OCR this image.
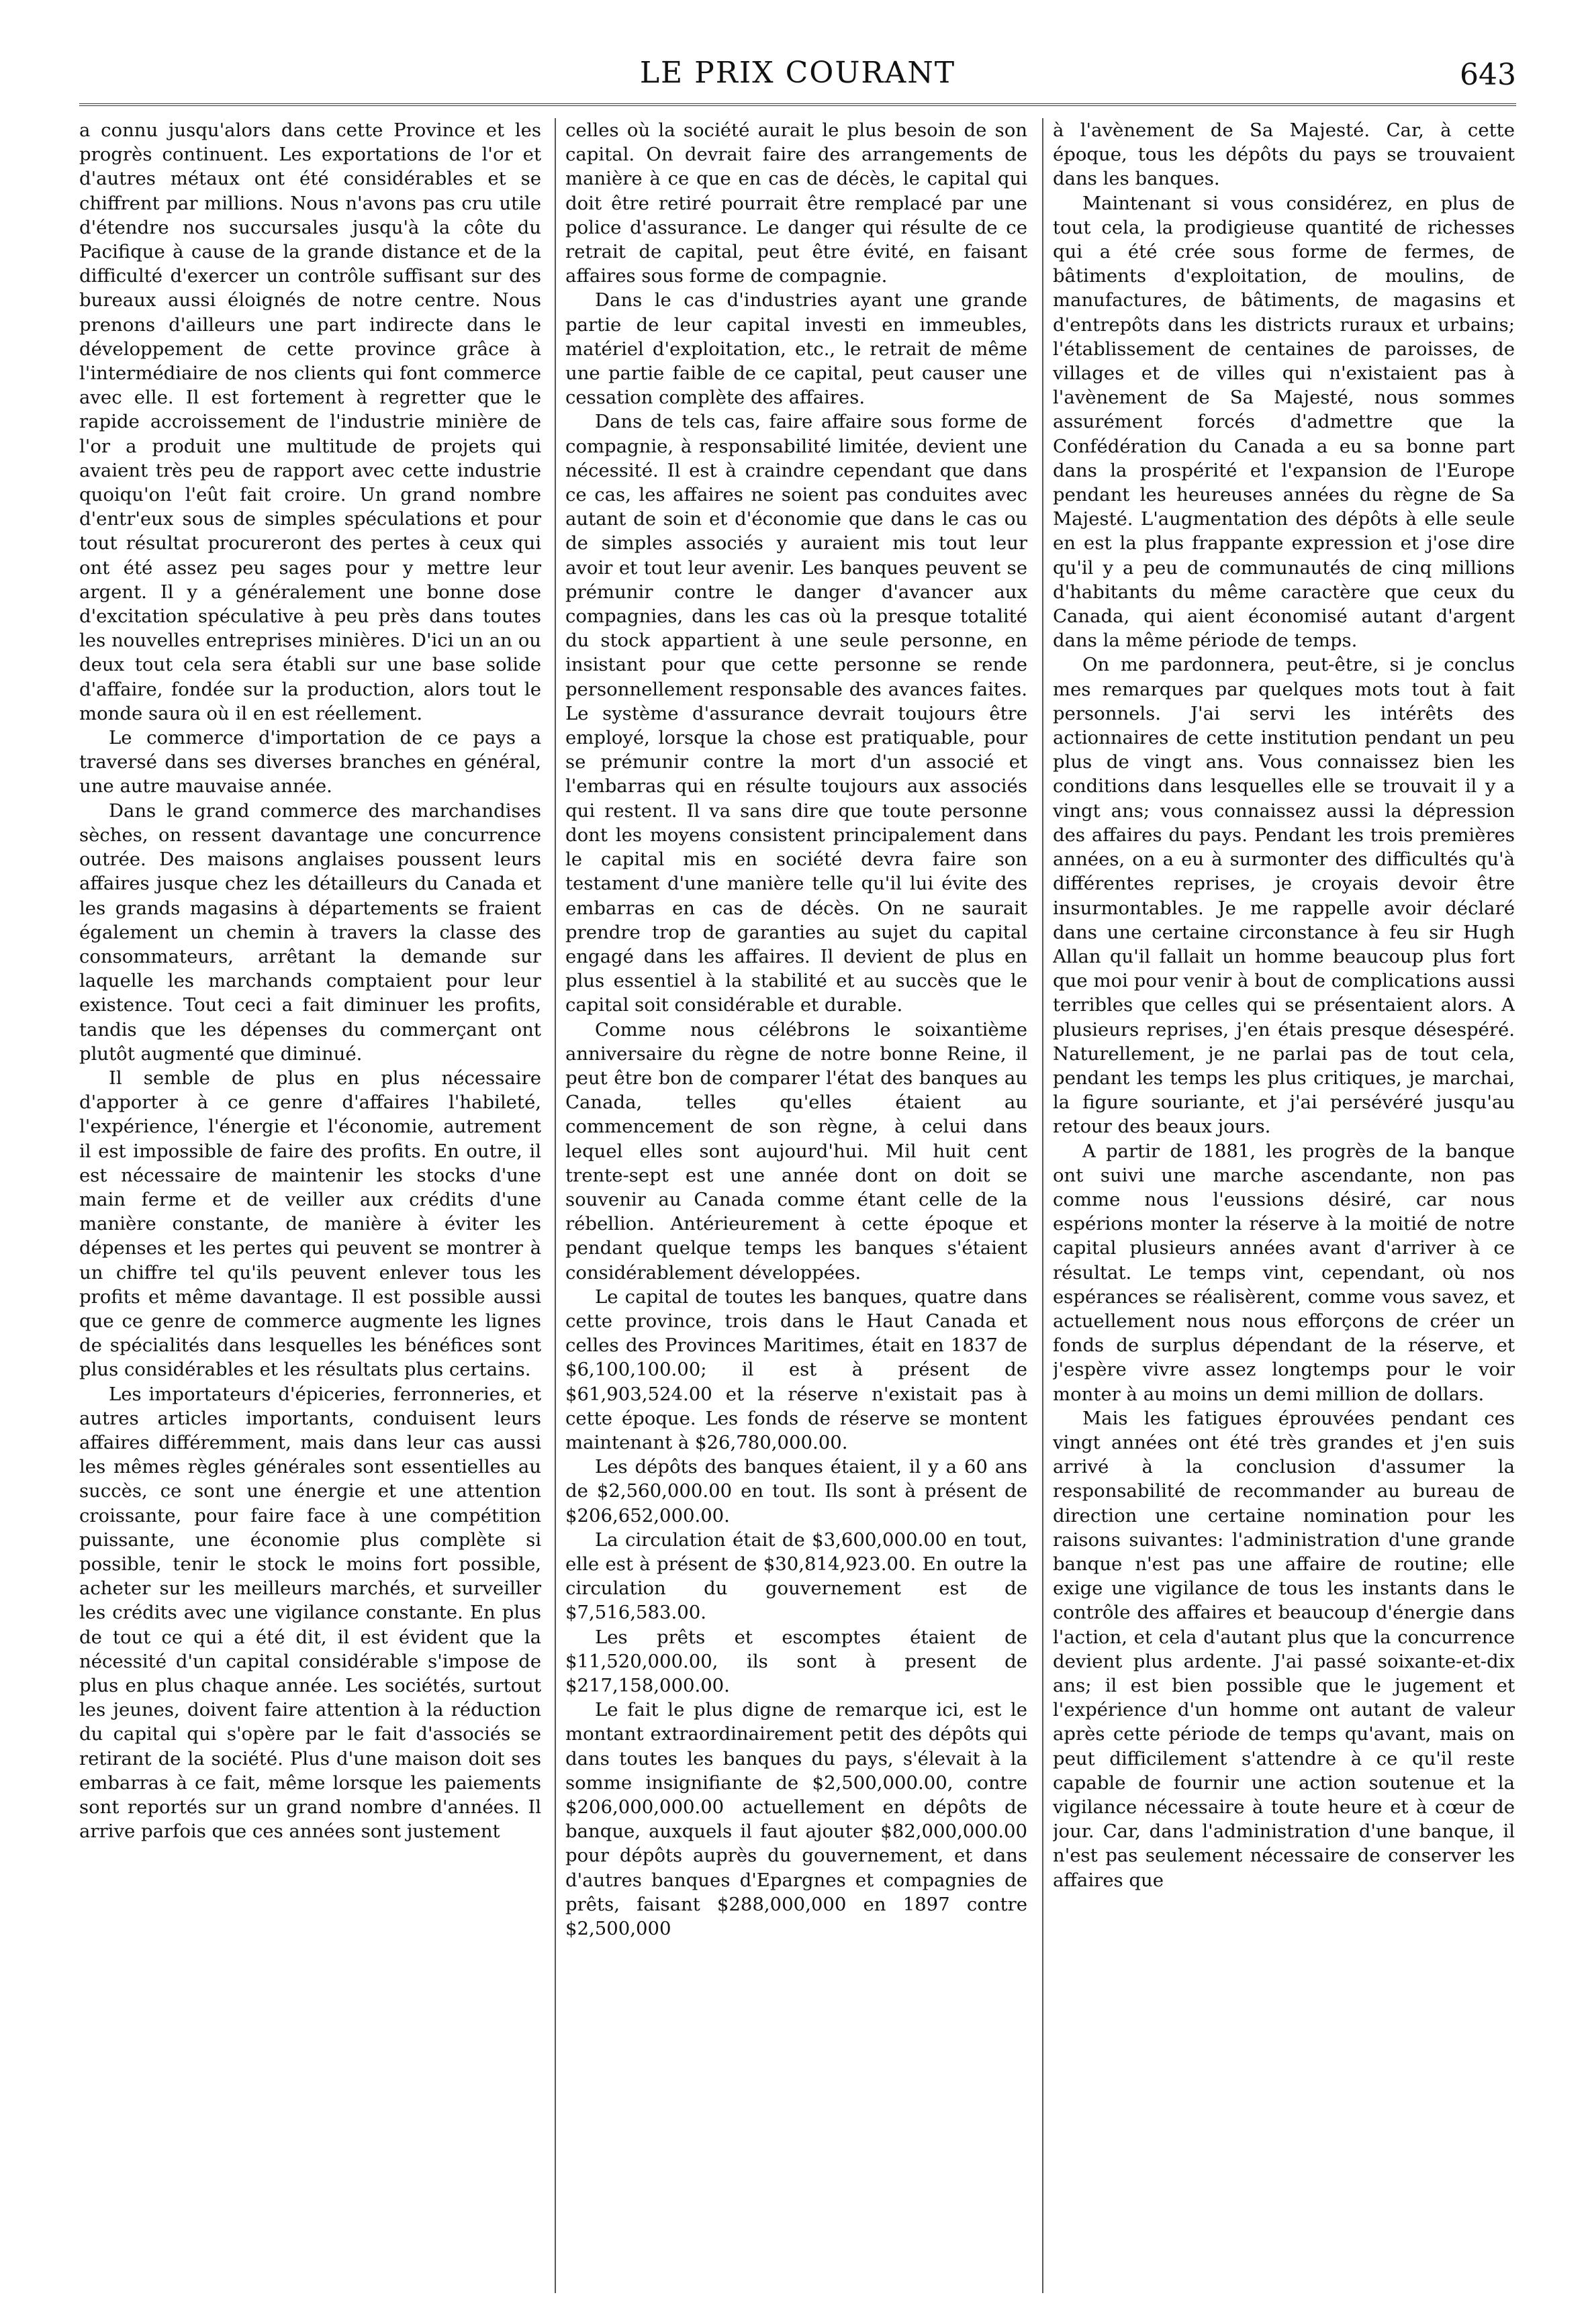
LE PRIX COURANT	643

a connu jusqu'alors dans cette Province et les progrès continuent. Les exportations de l'or et d'autres métaux ont été considérables et se chiffrent par millions. Nous n'avons pas cru utile d'étendre nos succursales jusqu'à la côte du Pacifique à cause de la grande distance et de la difficulté d'exercer un contrôle suffisant sur des bureaux aussi éloignés de notre centre. Nous prenons d'ailleurs une part indirecte dans le développement de cette province grâce à l'intermédiaire de nos clients qui font commerce avec elle. Il est fortement à regretter que le rapide accroissement de l'industrie minière de l'or a produit une multitude de projets qui avaient très peu de rapport avec cette industrie quoiqu'on l'eût fait croire. Un grand nombre d'entr'eux sous de simples spéculations et pour tout résultat procureront des pertes à ceux qui ont été assez peu sages pour y mettre leur argent. Il y a généralement une bonne dose d'excitation spéculative à peu près dans toutes les nouvelles entreprises minières. D'ici un an ou deux tout cela sera établi sur une base solide d'affaire, fondée sur la production, alors tout le monde saura où il en est réellement.

Le commerce d'importation de ce pays a traversé dans ses diverses branches en général, une autre mauvaise année.

Dans le grand commerce des marchandises sèches, on ressent davantage une concurrence outrée. Des maisons anglaises poussent leurs affaires jusque chez les détailleurs du Canada et les grands magasins à départements se fraient également un chemin à travers la classe des consommateurs, arrêtant la demande sur laquelle les marchands comptaient pour leur existence. Tout ceci a fait diminuer les profits, tandis que les dépenses du commerçant ont plutôt augmenté que diminué.

Il semble de plus en plus nécessaire d'apporter à ce genre d'affaires l'habileté, l'expérience, l'énergie et l'économie, autrement il est impossible de faire des profits. En outre, il est nécessaire de maintenir les stocks d'une main ferme et de veiller aux crédits d'une manière constante, de manière à éviter les dépenses et les pertes qui peuvent se montrer à un chiffre tel qu'ils peuvent enlever tous les profits et même davantage. Il est possible aussi que ce genre de commerce augmente les lignes de spécialités dans lesquelles les bénéfices sont plus considérables et les résultats plus certains.

Les importateurs d'épiceries, ferronneries, et autres articles importants, conduisent leurs affaires différemment, mais dans leur cas aussi les mêmes règles générales sont essentielles au succès, ce sont une énergie et une attention croissante, pour faire face à une compétition puissante, une économie plus complète si possible, tenir le stock le moins fort possible, acheter sur les meilleurs marchés, et surveiller les crédits avec une vigilance constante. En plus de tout ce qui a été dit, il est évident que la nécessité d'un capital considérable s'impose de plus en plus chaque année. Les sociétés, surtout les jeunes, doivent faire attention à la réduction du capital qui s'opère par le fait d'associés se retirant de la société. Plus d'une maison doit ses embarras à ce fait, même lorsque les paiements sont reportés sur un grand nombre d'années. Il arrive parfois que ces années sont justement

celles où la société aurait le plus besoin de son capital. On devrait faire des arrangements de manière à ce que en cas de décès, le capital qui doit être retiré pourrait être remplacé par une police d'assurance. Le danger qui résulte de ce retrait de capital, peut être évité, en faisant affaires sous forme de compagnie.

Dans le cas d'industries ayant une grande partie de leur capital investi en immeubles, matériel d'exploitation, etc., le retrait de même une partie faible de ce capital, peut causer une cessation complète des affaires.

Dans de tels cas, faire affaire sous forme de compagnie, à responsabilité limitée, devient une nécessité. Il est à craindre cependant que dans ce cas, les affaires ne soient pas conduites avec autant de soin et d'économie que dans le cas ou de simples associés y auraient mis tout leur avoir et tout leur avenir. Les banques peuvent se prémunir contre le danger d'avancer aux compagnies, dans les cas où la presque totalité du stock appartient à une seule personne, en insistant pour que cette personne se rende personnellement responsable des avances faites. Le système d'assurance devrait toujours être employé, lorsque la chose est pratiquable, pour se prémunir contre la mort d'un associé et l'embarras qui en résulte toujours aux associés qui restent. Il va sans dire que toute personne dont les moyens consistent principalement dans le capital mis en société devra faire son testament d'une manière telle qu'il lui évite des embarras en cas de décès. On ne saurait prendre trop de garanties au sujet du capital engagé dans les affaires. Il devient de plus en plus essentiel à la stabilité et au succès que le capital soit considérable et durable.

Comme nous célébrons le soixantième anniversaire du règne de notre bonne Reine, il peut être bon de comparer l'état des banques au Canada, telles qu'elles étaient au commencement de son règne, à celui dans lequel elles sont aujourd'hui. Mil huit cent trente-sept est une année dont on doit se souvenir au Canada comme étant celle de la rébellion. Antérieurement à cette époque et pendant quelque temps les banques s'étaient considérablement développées.

Le capital de toutes les banques, quatre dans cette province, trois dans le Haut Canada et celles des Provinces Maritimes, était en 1837 de $6,100,100.00; il est à présent de $61,903,524.00 et la réserve n'existait pas à cette époque. Les fonds de réserve se montent maintenant à $26,780,000.00.

Les dépôts des banques étaient, il y a 60 ans de $2,560,000.00 en tout. Ils sont à présent de $206,652,000.00.

La circulation était de $3,600,000.00 en tout, elle est à présent de $30,814,923.00. En outre la circulation du gouvernement est de $7,516,583.00.

Les prêts et escomptes étaient de $11,520,000.00, ils sont à present de $217,158,000.00.

Le fait le plus digne de remarque ici, est le montant extraordinairement petit des dépôts qui dans toutes les banques du pays, s'élevait à la somme insignifiante de $2,500,000.00, contre $206,000,000.00 actuellement en dépôts de banque, auxquels il faut ajouter $82,000,000.00 pour dépôts auprès du gouvernement, et dans d'autres banques d'Epargnes et compagnies de prêts, faisant $288,000,000 en 1897 contre $2,500,000

à l'avènement de Sa Majesté. Car, à cette époque, tous les dépôts du pays se trouvaient dans les banques.

Maintenant si vous considérez, en plus de tout cela, la prodigieuse quantité de richesses qui a été crée sous forme de fermes, de bâtiments d'exploitation, de moulins, de manufactures, de bâtiments, de magasins et d'entrepôts dans les districts ruraux et urbains; l'établissement de centaines de paroisses, de villages et de villes qui n'existaient pas à l'avènement de Sa Majesté, nous sommes assurément forcés d'admettre que la Confédération du Canada a eu sa bonne part dans la prospérité et l'expansion de l'Europe pendant les heureuses années du règne de Sa Majesté. L'augmentation des dépôts à elle seule en est la plus frappante expression et j'ose dire qu'il y a peu de communautés de cinq millions d'habitants du même caractère que ceux du Canada, qui aient économisé autant d'argent dans la même période de temps.

On me pardonnera, peut-être, si je conclus mes remarques par quelques mots tout à fait personnels. J'ai servi les intérêts des actionnaires de cette institution pendant un peu plus de vingt ans. Vous connaissez bien les conditions dans lesquelles elle se trouvait il y a vingt ans; vous connaissez aussi la dépression des affaires du pays. Pendant les trois premières années, on a eu à surmonter des difficultés qu'à différentes reprises, je croyais devoir être insurmontables. Je me rappelle avoir déclaré dans une certaine circonstance à feu sir Hugh Allan qu'il fallait un homme beaucoup plus fort que moi pour venir à bout de complications aussi terribles que celles qui se présentaient alors. A plusieurs reprises, j'en étais presque désespéré. Naturellement, je ne parlai pas de tout cela, pendant les temps les plus critiques, je marchai, la figure souriante, et j'ai persévéré jusqu'au retour des beaux jours.

A partir de 1881, les progrès de la banque ont suivi une marche ascendante, non pas comme nous l'eussions désiré, car nous espérions monter la réserve à la moitié de notre capital plusieurs années avant d'arriver à ce résultat. Le temps vint, cependant, où nos espérances se réalisèrent, comme vous savez, et actuellement nous nous efforçons de créer un fonds de surplus dépendant de la réserve, et j'espère vivre assez longtemps pour le voir monter à au moins un demi million de dollars.

Mais les fatigues éprouvées pendant ces vingt années ont été très grandes et j'en suis arrivé à la conclusion d'assumer la responsabilité de recommander au bureau de direction une certaine nomination pour les raisons suivantes: l'administration d'une grande banque n'est pas une affaire de routine; elle exige une vigilance de tous les instants dans le contrôle des affaires et beaucoup d'énergie dans l'action, et cela d'autant plus que la concurrence devient plus ardente. J'ai passé soixante-et-dix ans; il est bien possible que le jugement et l'expérience d'un homme ont autant de valeur après cette période de temps qu'avant, mais on peut difficilement s'attendre à ce qu'il reste capable de fournir une action soutenue et la vigilance nécessaire à toute heure et à cœur de jour. Car, dans l'administration d'une banque, il n'est pas seulement nécessaire de conserver les affaires que
